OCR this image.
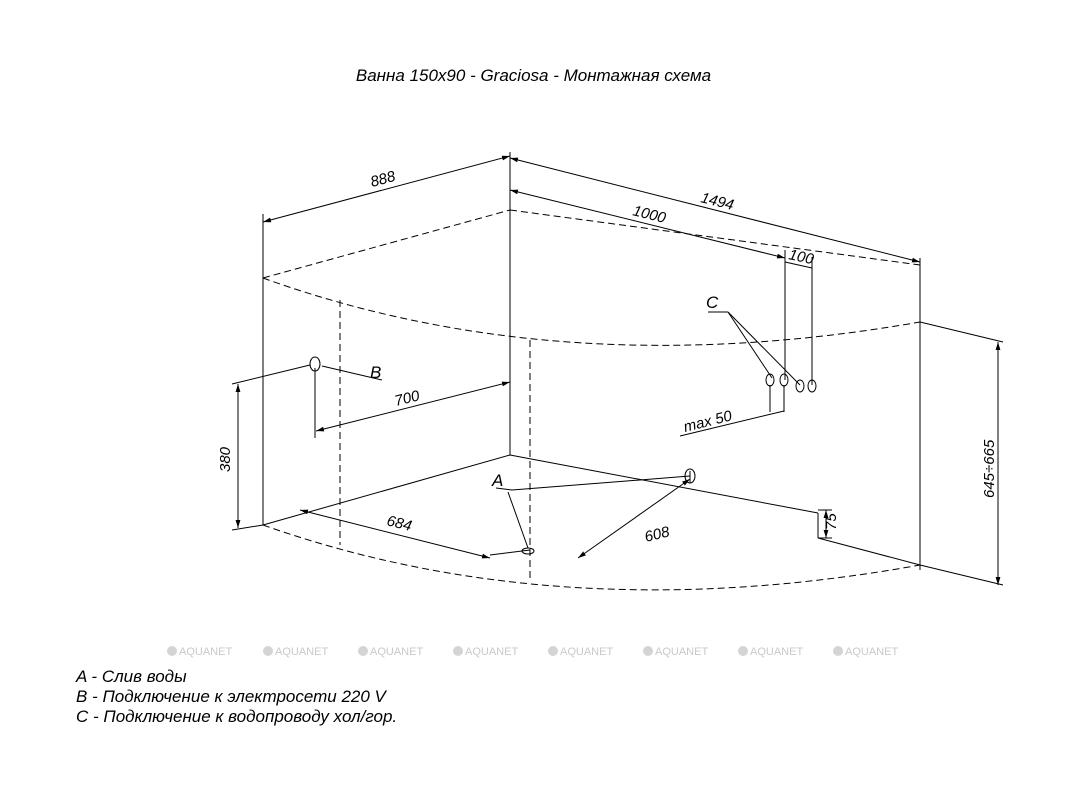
Ванна 150x90 - Graciosa - Монтажная схема
888
1494
1000
100
700
380
max 50
645÷665
684	608
75
A
B
C
AQUANET	AQUANET	AQUANET	AQUANET	AQUANET	AQUANET	AQUANET	AQUANET
A - Слив воды
B - Подключение к электросети 220 V
C - Подключение к водопроводу хол/гор.
